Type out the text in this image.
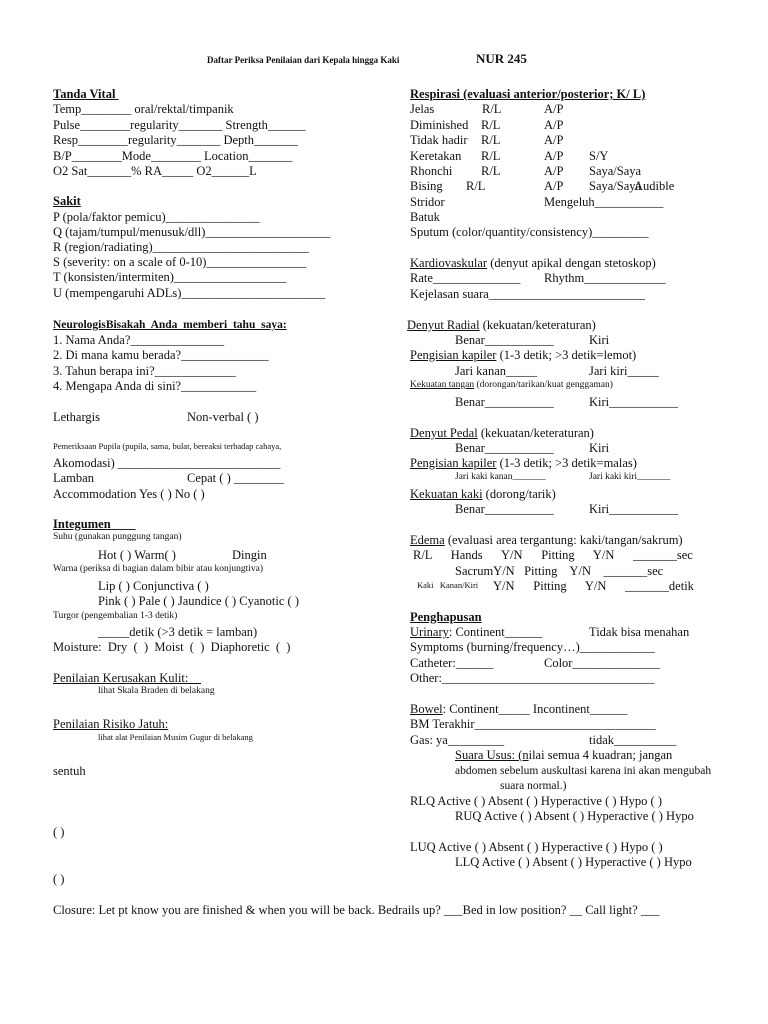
Daftar Periksa Penilaian dari Kepala hingga Kaki	NUR 245
Tanda Vital
Temp________ oral/rektal/timpanik
Pulse________regularity_______ Strength______
Resp________regularity_______ Depth_______
B/P________Mode________ Location_______
O2 Sat_______% RA_____ O2______L
Sakit
P (pola/faktor pemicu)_______________
Q (tajam/tumpul/menusuk/dll)____________________
R (region/radiating)_________________________
S (severity: on a scale of 0-10)________________
T (konsisten/intermiten)__________________
U (mempengaruhi ADLs)_______________________
NeurologisBisakah  Anda  memberi  tahu  saya:
1. Nama Anda?_______________
2. Di mana kamu berada?______________
3. Tahun berapa ini?_____________
4. Mengapa Anda di sini?____________
Lethargis	Non-verbal ( )
Pemeriksaan Pupila (pupila, sama, bulat, bereaksi terhadap cahaya,
Akomodasi) __________________________
Lamban	Cepat ( ) ________
Accommodation Yes ( ) No ( )
Integumen____
Suhu (gunakan punggung tangan)
Hot ( ) Warm( )	Dingin
Warna (periksa di bagian dalam bibir atau konjungtiva)
Lip ( ) Conjunctiva ( )
Pink ( ) Pale ( ) Jaundice ( ) Cyanotic ( )
Turgor (pengembalian 1-3 detik)
_____detik (>3 detik = lamban)
Moisture:  Dry  (  )  Moist  (  )  Diaphoretic  (  )
Penilaian Kerusakan Kulit:__
lihat Skala Braden di belakang
Penilaian Risiko Jatuh:
lihat alat Penilaian Musim Gugur di belakang
sentuh
( )
( )
Respirasi (evaluasi anterior/posterior; K/ L)
Jelas	R/L	A/P
Diminished R/L	A/P
Tidak hadir R/L	A/P
Keretakan R/L	A/P S/Y
Rhonchi R/L	A/P Saya/Saya
Bising R/L	A/P Saya/Saya
Audible
Stridor	Mengeluh___________
Batuk
Sputum (color/quantity/consistency)_________
Kardiovaskular (denyut apikal dengan stetoskop)
Rate______________ Rhythm_____________
Kejelasan suara_________________________
Denyut Radial (kekuatan/keteraturan)
Benar___________	Kiri
Pengisian kapiler (1-3 detik; >3 detik=lemot)
Jari kanan_____	Jari kiri_____
Kekuatan tangan (dorongan/tarikan/kuat genggaman)
Benar___________	Kiri___________
Denyut Pedal (kekuatan/keteraturan)
Benar___________	Kiri
Pengisian kapiler (1-3 detik; >3 detik=malas)
Jari kaki kanan_______	Jari kaki kiri_______
Kekuatan kaki (dorong/tarik)
Benar___________	Kiri___________
Edema (evaluasi area tergantung: kaki/tangan/sakrum)
R/L      Hands      Y/N      Pitting      Y/N      _______sec
SacrumY/N   Pitting    Y/N    _______sec
Kaki   Kanan/Kiri Y/N      Pitting      Y/N      _______detik
Penghapusan
Urinary: Continent______	Tidak bisa menahan
Symptoms (burning/frequency…)____________
Catheter:______	Color______________
Other:__________________________________
Bowel: Continent_____ Incontinent______
BM Terakhir_____________________________
Gas: ya_________	tidak__________
Suara Usus: (nilai semua 4 kuadran; jangan
abdomen sebelum auskultasi karena ini akan mengubah
suara normal.)
RLQ Active ( ) Absent ( ) Hyperactive ( ) Hypo ( )
RUQ Active ( ) Absent ( ) Hyperactive ( ) Hypo
LUQ Active ( ) Absent ( ) Hyperactive ( ) Hypo ( )
LLQ Active ( ) Absent ( ) Hyperactive ( ) Hypo
Closure: Let pt know you are finished & when you will be back. Bedrails up? ___Bed in low position? __ Call light? ___
